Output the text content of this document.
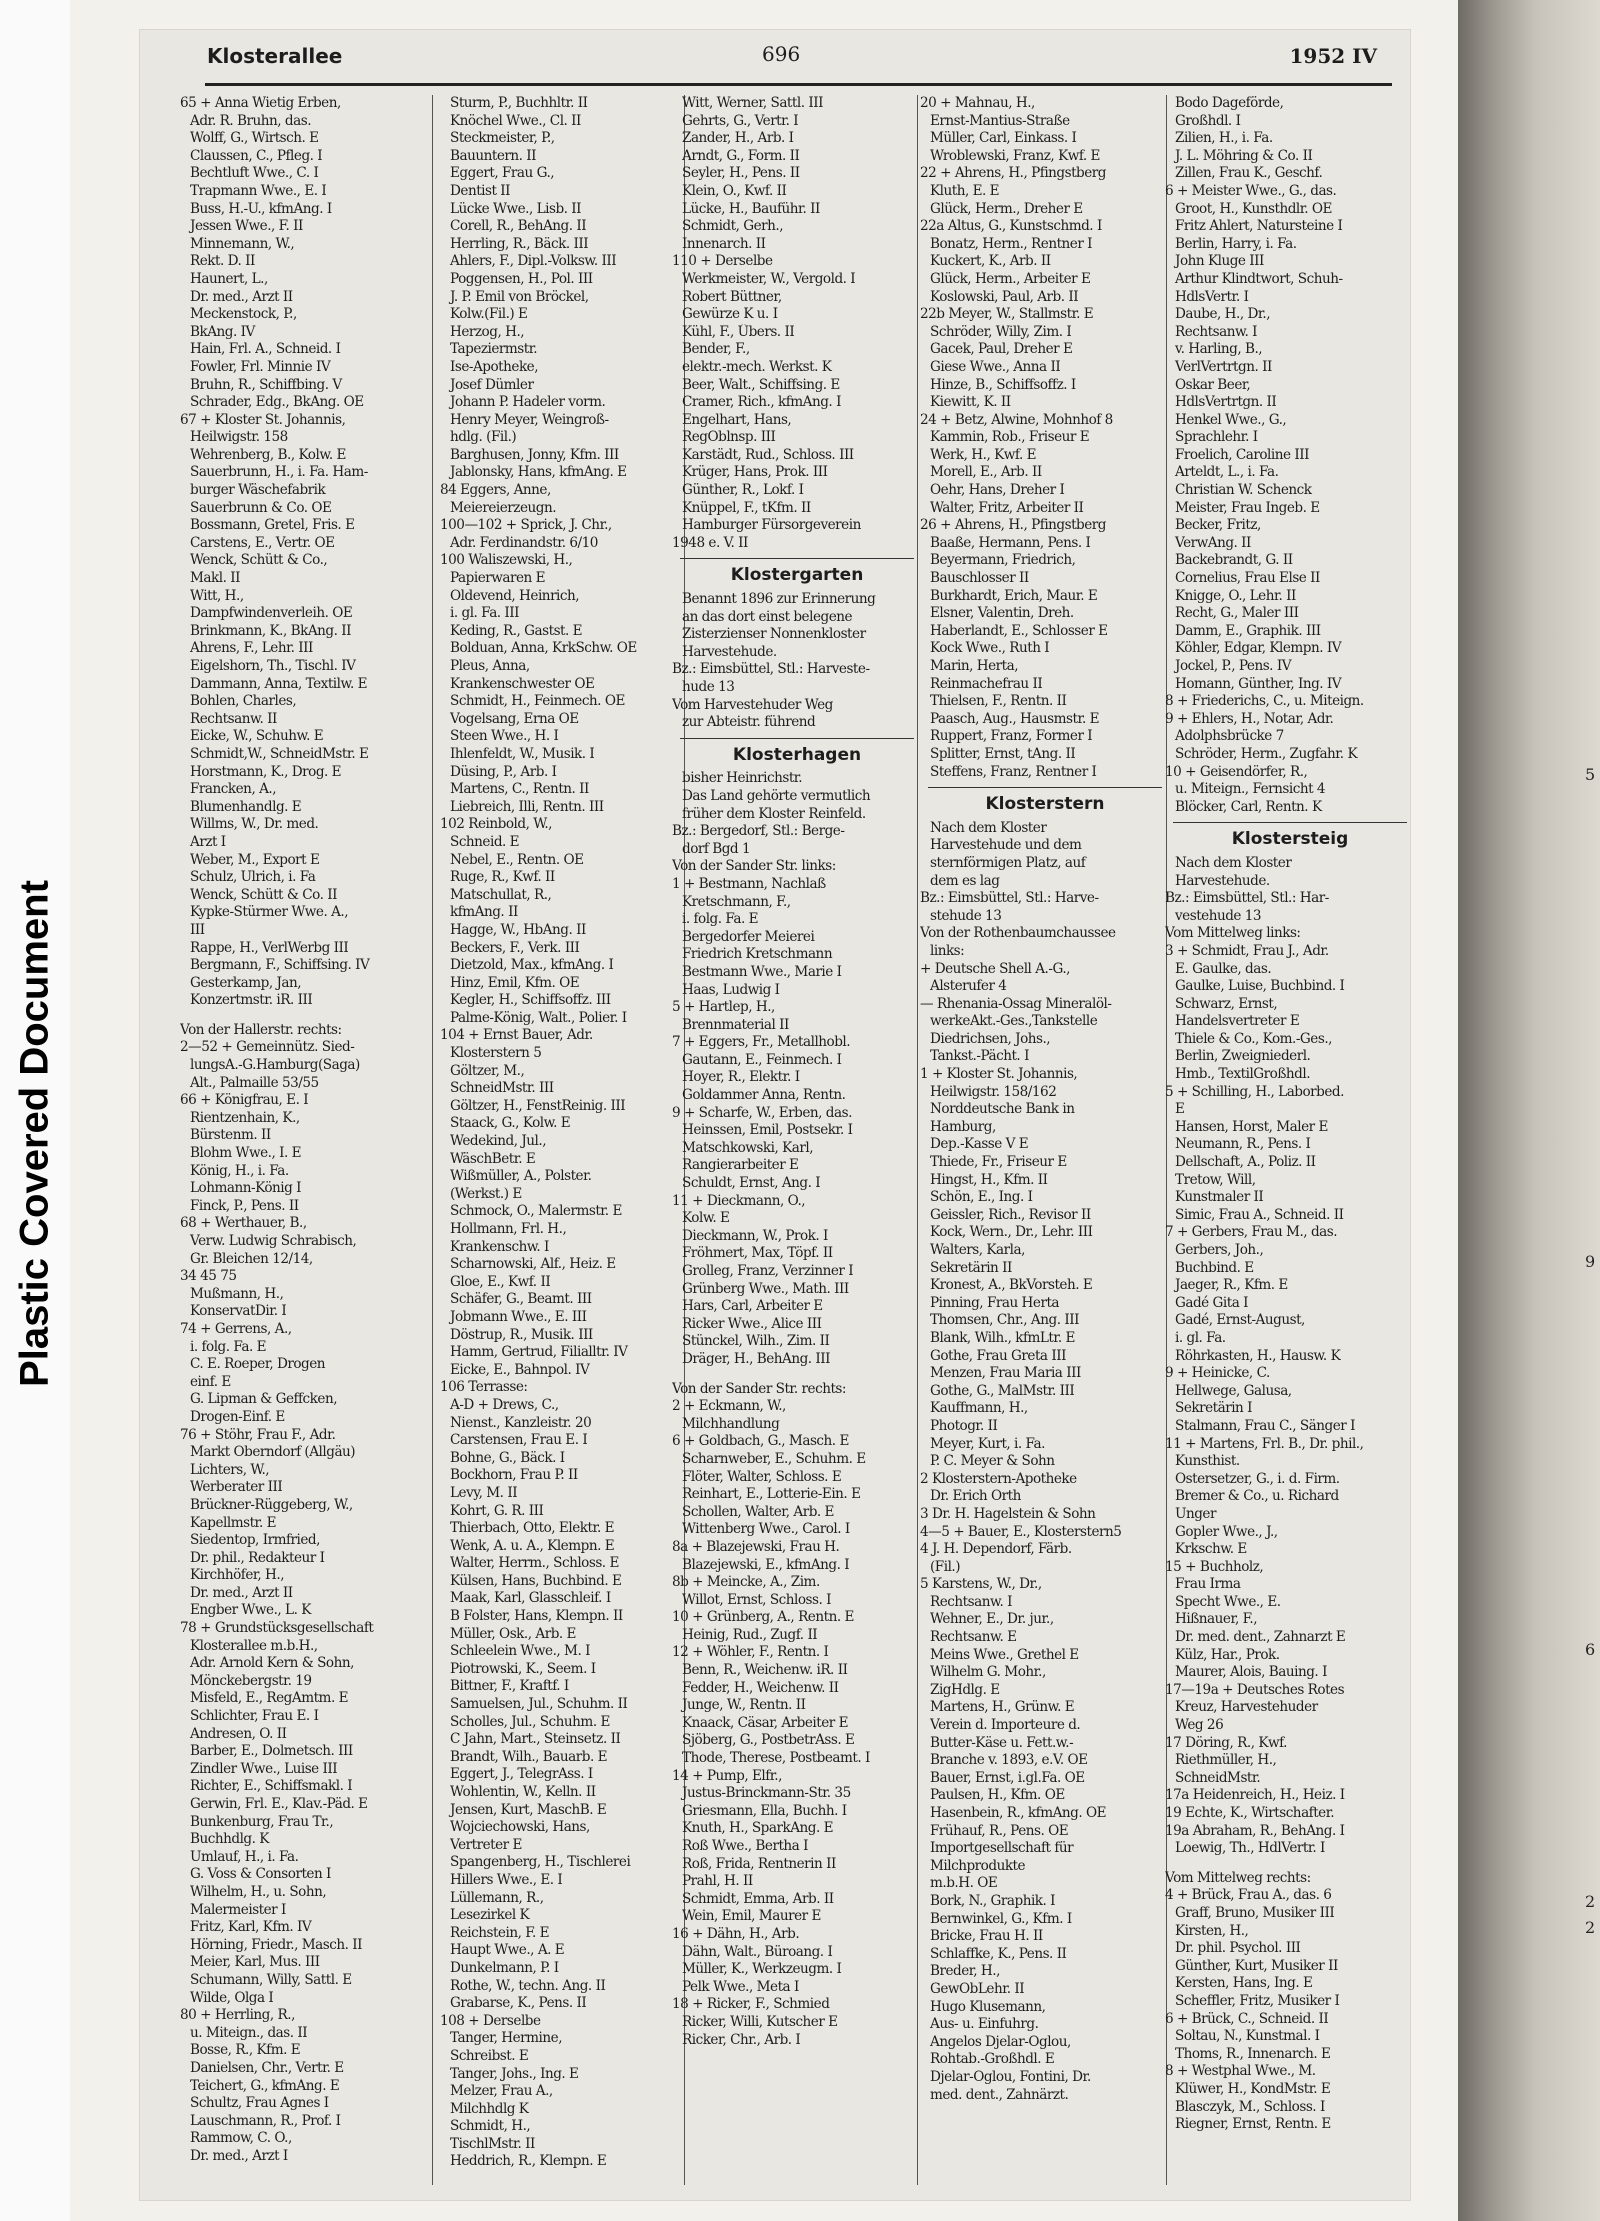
Plastic Covered Document
5
9
6
2
2
Klosterallee	696	1952 IV
65 + Anna Wietig Erben,
Adr. R. Bruhn, das.
Wolff, G., Wirtsch. E
Claussen, C., Pfleg. I
Bechtluft Wwe., C. I
Trapmann Wwe., E. I
Buss, H.-U., kfmAng. I
Jessen Wwe., F. II
Minnemann, W.,
Rekt. D. II
Haunert, L.,
Dr. med., Arzt II
Meckenstock, P.,
BkAng. IV
Hain, Frl. A., Schneid. I
Fowler, Frl. Minnie IV
Bruhn, R., Schiffbing. V
Schrader, Edg., BkAng. OE
67 + Kloster St. Johannis,
Heilwigstr. 158
Wehrenberg, B., Kolw. E
Sauerbrunn, H., i. Fa. Ham-
burger Wäschefabrik
Sauerbrunn & Co. OE
Bossmann, Gretel, Fris. E
Carstens, E., Vertr. OE
Wenck, Schütt & Co.,
Makl. II
Witt, H.,
Dampfwindenverleih. OE
Brinkmann, K., BkAng. II
Ahrens, F., Lehr. III
Eigelshorn, Th., Tischl. IV
Dammann, Anna, Textilw. E
Bohlen, Charles,
Rechtsanw. II
Eicke, W., Schuhw. E
Schmidt,W., SchneidMstr. E
Horstmann, K., Drog. E
Francken, A.,
Blumenhandlg. E
Willms, W., Dr. med.
Arzt I
Weber, M., Export E
Schulz, Ulrich, i. Fa
Wenck, Schütt & Co. II
Kypke-Stürmer Wwe. A.,
III
Rappe, H., VerlWerbg III
Bergmann, F., Schiffsing. IV
Gesterkamp, Jan,
Konzertmstr. iR. III
Von der Hallerstr. rechts:
2—52 + Gemeinnütz. Sied-
lungsA.-G.Hamburg(Saga)
Alt., Palmaille 53/55
66 + Königfrau, E. I
Rientzenhain, K.,
Bürstenm. II
Blohm Wwe., I. E
König, H., i. Fa.
Lohmann-König I
Finck, P., Pens. II
68 + Werthauer, B.,
Verw. Ludwig Schrabisch,
Gr. Bleichen 12/14,
34 45 75
Mußmann, H.,
KonservatDir. I
74 + Gerrens, A.,
i. folg. Fa. E
C. E. Roeper, Drogen
einf. E
G. Lipman & Geffcken,
Drogen-Einf. E
76 + Stöhr, Frau F., Adr.
Markt Oberndorf (Allgäu)
Lichters, W.,
Werberater III
Brückner-Rüggeberg, W.,
Kapellmstr. E
Siedentop, Irmfried,
Dr. phil., Redakteur I
Kirchhöfer, H.,
Dr. med., Arzt II
Engber Wwe., L. K
78 + Grundstücksgesellschaft
Klosterallee m.b.H.,
Adr. Arnold Kern & Sohn,
Mönckebergstr. 19
Misfeld, E., RegAmtm. E
Schlichter, Frau E. I
Andresen, O. II
Barber, E., Dolmetsch. III
Zindler Wwe., Luise III
Richter, E., Schiffsmakl. I
Gerwin, Frl. E., Klav.-Päd. E
Bunkenburg, Frau Tr.,
Buchhdlg. K
Umlauf, H., i. Fa.
G. Voss & Consorten I
Wilhelm, H., u. Sohn,
Malermeister I
Fritz, Karl, Kfm. IV
Hörning, Friedr., Masch. II
Meier, Karl, Mus. III
Schumann, Willy, Sattl. E
Wilde, Olga I
80 + Herrling, R.,
u. Miteign., das. II
Bosse, R., Kfm. E
Danielsen, Chr., Vertr. E
Teichert, G., kfmAng. E
Schultz, Frau Agnes I
Lauschmann, R., Prof. I
Rammow, C. O.,
Dr. med., Arzt I
Sturm, P., Buchhltr. II
Knöchel Wwe., Cl. II
Steckmeister, P.,
Bauuntern. II
Eggert, Frau G.,
Dentist II
Lücke Wwe., Lisb. II
Corell, R., BehAng. II
Herrling, R., Bäck. III
Ahlers, F., Dipl.-Volksw. III
Poggensen, H., Pol. III
J. P. Emil von Bröckel,
Kolw.(Fil.) E
Herzog, H.,
Tapeziermstr.
Ise-Apotheke,
Josef Dümler
Johann P. Hadeler vorm.
Henry Meyer, Weingroß-
hdlg. (Fil.)
Barghusen, Jonny, Kfm. III
Jablonsky, Hans, kfmAng. E
84 Eggers, Anne,
Meiereierzeugn.
100—102 + Sprick, J. Chr.,
Adr. Ferdinandstr. 6/10
100 Waliszewski, H.,
Papierwaren E
Oldevend, Heinrich,
i. gl. Fa. III
Keding, R., Gastst. E
Bolduan, Anna, KrkSchw. OE
Pleus, Anna,
Krankenschwester OE
Schmidt, H., Feinmech. OE
Vogelsang, Erna OE
Steen Wwe., H. I
Ihlenfeldt, W., Musik. I
Düsing, P., Arb. I
Martens, C., Rentn. II
Liebreich, Illi, Rentn. III
102 Reinbold, W.,
Schneid. E
Nebel, E., Rentn. OE
Ruge, R., Kwf. II
Matschullat, R.,
kfmAng. II
Hagge, W., HbAng. II
Beckers, F., Verk. III
Dietzold, Max., kfmAng. I
Hinz, Emil, Kfm. OE
Kegler, H., Schiffsoffz. III
Palme-König, Walt., Polier. I
104 + Ernst Bauer, Adr.
Klosterstern 5
Göltzer, M.,
SchneidMstr. III
Göltzer, H., FenstReinig. III
Staack, G., Kolw. E
Wedekind, Jul.,
WäschBetr. E
Wißmüller, A., Polster.
(Werkst.) E
Schmock, O., Malermstr. E
Hollmann, Frl. H.,
Krankenschw. I
Scharnowski, Alf., Heiz. E
Gloe, E., Kwf. II
Schäfer, G., Beamt. III
Jobmann Wwe., E. III
Döstrup, R., Musik. III
Hamm, Gertrud, Filialltr. IV
Eicke, E., Bahnpol. IV
106 Terrasse:
A-D + Drews, C.,
Nienst., Kanzleistr. 20
Carstensen, Frau E. I
Bohne, G., Bäck. I
Bockhorn, Frau P. II
Levy, M. II
Kohrt, G. R. III
Thierbach, Otto, Elektr. E
Wenk, A. u. A., Klempn. E
Walter, Herrm., Schloss. E
Külsen, Hans, Buchbind. E
Maak, Karl, Glasschleif. I
B Folster, Hans, Klempn. II
Müller, Osk., Arb. E
Schleelein Wwe., M. I
Piotrowski, K., Seem. I
Bittner, F., Kraftf. I
Samuelsen, Jul., Schuhm. II
Scholles, Jul., Schuhm. E
C Jahn, Mart., Steinsetz. II
Brandt, Wilh., Bauarb. E
Eggert, J., TelegrAss. I
Wohlentin, W., Kelln. II
Jensen, Kurt, MaschB. E
Wojciechowski, Hans,
Vertreter E
Spangenberg, H., Tischlerei
Hillers Wwe., E. I
Lüllemann, R.,
Lesezirkel K
Reichstein, F. E
Haupt Wwe., A. E
Dunkelmann, P. I
Rothe, W., techn. Ang. II
Grabarse, K., Pens. II
108 + Derselbe
Tanger, Hermine,
Schreibst. E
Tanger, Johs., Ing. E
Melzer, Frau A.,
Milchhdlg K
Schmidt, H.,
TischlMstr. II
Heddrich, R., Klempn. E
Witt, Werner, Sattl. III
Gehrts, G., Vertr. I
Zander, H., Arb. I
Arndt, G., Form. II
Seyler, H., Pens. II
Klein, O., Kwf. II
Lücke, H., Bauführ. II
Schmidt, Gerh.,
Innenarch. II
110 + Derselbe
Werkmeister, W., Vergold. I
Robert Büttner,
Gewürze K u. I
Kühl, F., Übers. II
Bender, F.,
elektr.-mech. Werkst. K
Beer, Walt., Schiffsing. E
Cramer, Rich., kfmAng. I
Engelhart, Hans,
RegOblnsp. III
Karstädt, Rud., Schloss. III
Krüger, Hans, Prok. III
Günther, R., Lokf. I
Knüppel, F., tKfm. II
Hamburger Fürsorgeverein
1948 e. V. II
Klostergarten
Benannt 1896 zur Erinnerung
an das dort einst belegene
Zisterzienser Nonnenkloster
Harvestehude.
Bz.: Eimsbüttel, Stl.: Harveste-
hude 13
Vom Harvestehuder Weg
zur Abteistr. führend
Klosterhagen
bisher Heinrichstr.
Das Land gehörte vermutlich
früher dem Kloster Reinfeld.
Bz.: Bergedorf, Stl.: Berge-
dorf Bgd 1
Von der Sander Str. links:
1 + Bestmann, Nachlaß
Kretschmann, F.,
i. folg. Fa. E
Bergedorfer Meierei
Friedrich Kretschmann
Bestmann Wwe., Marie I
Haas, Ludwig I
5 + Hartlep, H.,
Brennmaterial II
7 + Eggers, Fr., Metallhobl.
Gautann, E., Feinmech. I
Hoyer, R., Elektr. I
Goldammer Anna, Rentn.
9 + Scharfe, W., Erben, das.
Heinssen, Emil, Postsekr. I
Matschkowski, Karl,
Rangierarbeiter E
Schuldt, Ernst, Ang. I
11 + Dieckmann, O.,
Kolw. E
Dieckmann, W., Prok. I
Fröhmert, Max, Töpf. II
Grolleg, Franz, Verzinner I
Grünberg Wwe., Math. III
Hars, Carl, Arbeiter E
Ricker Wwe., Alice III
Stünckel, Wilh., Zim. II
Dräger, H., BehAng. III
Von der Sander Str. rechts:
2 + Eckmann, W.,
Milchhandlung
6 + Goldbach, G., Masch. E
Scharnweber, E., Schuhm. E
Flöter, Walter, Schloss. E
Reinhart, E., Lotterie-Ein. E
Schollen, Walter, Arb. E
Wittenberg Wwe., Carol. I
8a + Blazejewski, Frau H.
Blazejewski, E., kfmAng. I
8b + Meincke, A., Zim.
Willot, Ernst, Schloss. I
10 + Grünberg, A., Rentn. E
Heinig, Rud., Zugf. II
12 + Wöhler, F., Rentn. I
Benn, R., Weichenw. iR. II
Fedder, H., Weichenw. II
Junge, W., Rentn. II
Knaack, Cäsar, Arbeiter E
Sjöberg, G., PostbetrAss. E
Thode, Therese, Postbeamt. I
14 + Pump, Elfr.,
Justus-Brinckmann-Str. 35
Griesmann, Ella, Buchh. I
Knuth, H., SparkAng. E
Roß Wwe., Bertha I
Roß, Frida, Rentnerin II
Prahl, H. II
Schmidt, Emma, Arb. II
Wein, Emil, Maurer E
16 + Dähn, H., Arb.
Dähn, Walt., Büroang. I
Müller, K., Werkzeugm. I
Pelk Wwe., Meta I
18 + Ricker, F., Schmied
Ricker, Willi, Kutscher E
Ricker, Chr., Arb. I
20 + Mahnau, H.,
Ernst-Mantius-Straße
Müller, Carl, Einkass. I
Wroblewski, Franz, Kwf. E
22 + Ahrens, H., Pfingstberg
Kluth, E. E
Glück, Herm., Dreher E
22a Altus, G., Kunstschmd. I
Bonatz, Herm., Rentner I
Kuckert, K., Arb. II
Glück, Herm., Arbeiter E
Koslowski, Paul, Arb. II
22b Meyer, W., Stallmstr. E
Schröder, Willy, Zim. I
Gacek, Paul, Dreher E
Giese Wwe., Anna II
Hinze, B., Schiffsoffz. I
Kiewitt, K. II
24 + Betz, Alwine, Mohnhof 8
Kammin, Rob., Friseur E
Werk, H., Kwf. E
Morell, E., Arb. II
Oehr, Hans, Dreher I
Walter, Fritz, Arbeiter II
26 + Ahrens, H., Pfingstberg
Baaße, Hermann, Pens. I
Beyermann, Friedrich,
Bauschlosser II
Burkhardt, Erich, Maur. E
Elsner, Valentin, Dreh.
Haberlandt, E., Schlosser E
Kock Wwe., Ruth I
Marin, Herta,
Reinmachefrau II
Thielsen, F., Rentn. II
Paasch, Aug., Hausmstr. E
Ruppert, Franz, Former I
Splitter, Ernst, tAng. II
Steffens, Franz, Rentner I
Klosterstern
Nach dem Kloster
Harvestehude und dem
sternförmigen Platz, auf
dem es lag
Bz.: Eimsbüttel, Stl.: Harve-
stehude 13
Von der Rothenbaumchaussee
links:
+ Deutsche Shell A.-G.,
Alsterufer 4
— Rhenania-Ossag Mineralöl-
werkeAkt.-Ges.,Tankstelle
Diedrichsen, Johs.,
Tankst.-Pächt. I
1 + Kloster St. Johannis,
Heilwigstr. 158/162
Norddeutsche Bank in
Hamburg,
Dep.-Kasse V E
Thiede, Fr., Friseur E
Hingst, H., Kfm. II
Schön, E., Ing. I
Geissler, Rich., Revisor II
Kock, Wern., Dr., Lehr. III
Walters, Karla,
Sekretärin II
Kronest, A., BkVorsteh. E
Pinning, Frau Herta
Thomsen, Chr., Ang. III
Blank, Wilh., kfmLtr. E
Gothe, Frau Greta III
Menzen, Frau Maria III
Gothe, G., MalMstr. III
Kauffmann, H.,
Photogr. II
Meyer, Kurt, i. Fa.
P. C. Meyer & Sohn
2 Klosterstern-Apotheke
Dr. Erich Orth
3 Dr. H. Hagelstein & Sohn
4—5 + Bauer, E., Klosterstern5
4 J. H. Dependorf, Färb.
(Fil.)
5 Karstens, W., Dr.,
Rechtsanw. I
Wehner, E., Dr. jur.,
Rechtsanw. E
Meins Wwe., Grethel E
Wilhelm G. Mohr.,
ZigHdlg. E
Martens, H., Grünw. E
Verein d. Importeure d.
Butter-Käse u. Fett.w.-
Branche v. 1893, e.V. OE
Bauer, Ernst, i.gl.Fa. OE
Paulsen, H., Kfm. OE
Hasenbein, R., kfmAng. OE
Frühauf, R., Pens. OE
Importgesellschaft für
Milchprodukte
m.b.H. OE
Bork, N., Graphik. I
Bernwinkel, G., Kfm. I
Bricke, Frau H. II
Schlaffke, K., Pens. II
Breder, H.,
GewObLehr. II
Hugo Klusemann,
Aus- u. Einfuhrg.
Angelos Djelar-Oglou,
Rohtab.-Großhdl. E
Djelar-Oglou, Fontini, Dr.
med. dent., Zahnärzt.
Bodo Dageförde,
Großhdl. I
Zilien, H., i. Fa.
J. L. Möhring & Co. II
Zillen, Frau K., Geschf.
6 + Meister Wwe., G., das.
Groot, H., Kunsthdlr. OE
Fritz Ahlert, Natursteine I
Berlin, Harry, i. Fa.
John Kluge III
Arthur Klindtwort, Schuh-
HdlsVertr. I
Daube, H., Dr.,
Rechtsanw. I
v. Harling, B.,
VerlVertrtgn. II
Oskar Beer,
HdlsVertrtgn. II
Henkel Wwe., G.,
Sprachlehr. I
Froelich, Caroline III
Arteldt, L., i. Fa.
Christian W. Schenck
Meister, Frau Ingeb. E
Becker, Fritz,
VerwAng. II
Backebrandt, G. II
Cornelius, Frau Else II
Knigge, O., Lehr. II
Recht, G., Maler III
Damm, E., Graphik. III
Köhler, Edgar, Klempn. IV
Jockel, P., Pens. IV
Homann, Günther, Ing. IV
8 + Friederichs, C., u. Miteign.
9 + Ehlers, H., Notar, Adr.
Adolphsbrücke 7
Schröder, Herm., Zugfahr. K
10 + Geisendörfer, R.,
u. Miteign., Fernsicht 4
Blöcker, Carl, Rentn. K
Klostersteig
Nach dem Kloster
Harvestehude.
Bz.: Eimsbüttel, Stl.: Har-
vestehude 13
Vom Mittelweg links:
3 + Schmidt, Frau J., Adr.
E. Gaulke, das.
Gaulke, Luise, Buchbind. I
Schwarz, Ernst,
Handelsvertreter E
Thiele & Co., Kom.-Ges.,
Berlin, Zweigniederl.
Hmb., TextilGroßhdl.
5 + Schilling, H., Laborbed.
E
Hansen, Horst, Maler E
Neumann, R., Pens. I
Dellschaft, A., Poliz. II
Tretow, Will,
Kunstmaler II
Simic, Frau A., Schneid. II
7 + Gerbers, Frau M., das.
Gerbers, Joh.,
Buchbind. E
Jaeger, R., Kfm. E
Gadé Gita I
Gadé, Ernst-August,
i. gl. Fa.
Röhrkasten, H., Hausw. K
9 + Heinicke, C.
Hellwege, Galusa,
Sekretärin I
Stalmann, Frau C., Sänger I
11 + Martens, Frl. B., Dr. phil.,
Kunsthist.
Ostersetzer, G., i. d. Firm.
Bremer & Co., u. Richard
Unger
Gopler Wwe., J.,
Krkschw. E
15 + Buchholz,
Frau Irma
Specht Wwe., E.
Hißnauer, F.,
Dr. med. dent., Zahnarzt E
Külz, Har., Prok.
Maurer, Alois, Bauing. I
17—19a + Deutsches Rotes
Kreuz, Harvestehuder
Weg 26
17 Döring, R., Kwf.
Riethmüller, H.,
SchneidMstr.
17a Heidenreich, H., Heiz. I
19 Echte, K., Wirtschafter.
19a Abraham, R., BehAng. I
Loewig, Th., HdlVertr. I
Vom Mittelweg rechts:
4 + Brück, Frau A., das. 6
Graff, Bruno, Musiker III
Kirsten, H.,
Dr. phil. Psychol. III
Günther, Kurt, Musiker II
Kersten, Hans, Ing. E
Scheffler, Fritz, Musiker I
6 + Brück, C., Schneid. II
Soltau, N., Kunstmal. I
Thoms, R., Innenarch. E
8 + Westphal Wwe., M.
Klüwer, H., KondMstr. E
Blasczyk, M., Schloss. I
Riegner, Ernst, Rentn. E
